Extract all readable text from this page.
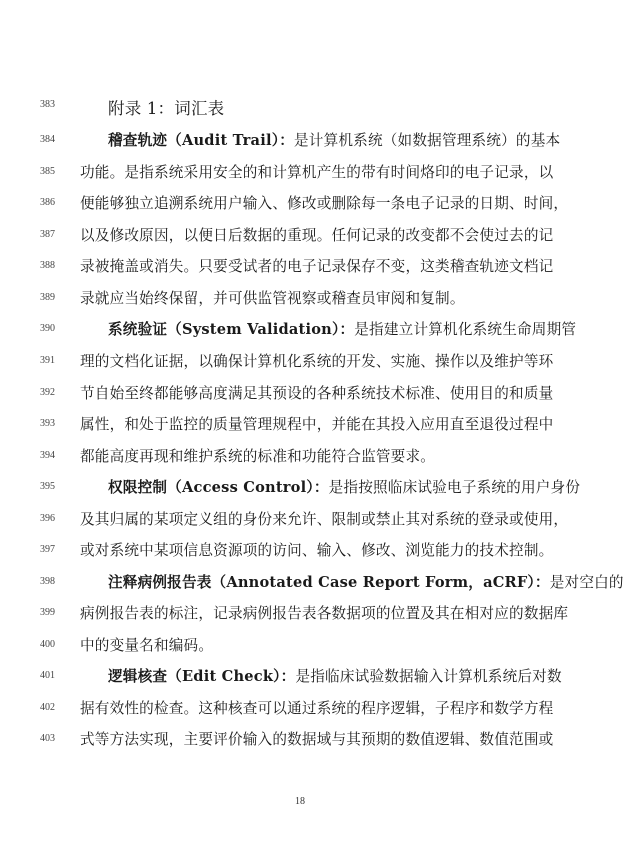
383	附录 1：词汇表
384	稽查轨迹（Audit Trail）：是计算机系统（如数据管理系统）的基本
385	功能。是指系统采用安全的和计算机产生的带有时间烙印的电子记录，以
386	便能够独立追溯系统用户输入、修改或删除每一条电子记录的日期、时间，
387	以及修改原因，以便日后数据的重现。任何记录的改变都不会使过去的记
388	录被掩盖或消失。只要受试者的电子记录保存不变，这类稽查轨迹文档记
389	录就应当始终保留，并可供监管视察或稽查员审阅和复制。
390	系统验证（System Validation）：是指建立计算机化系统生命周期管
391	理的文档化证据，以确保计算机化系统的开发、实施、操作以及维护等环
392	节自始至终都能够高度满足其预设的各种系统技术标准、使用目的和质量
393	属性，和处于监控的质量管理规程中，并能在其投入应用直至退役过程中
394	都能高度再现和维护系统的标准和功能符合监管要求。
395	权限控制（Access Control）：是指按照临床试验电子系统的用户身份
396	及其归属的某项定义组的身份来允许、限制或禁止其对系统的登录或使用，
397	或对系统中某项信息资源项的访问、输入、修改、浏览能力的技术控制。
398	注释病例报告表（Annotated Case Report Form，aCRF）：是对空白的
399	病例报告表的标注，记录病例报告表各数据项的位置及其在相对应的数据库
400	中的变量名和编码。
401	逻辑核查（Edit Check）：是指临床试验数据输入计算机系统后对数
402	据有效性的检查。这种核查可以通过系统的程序逻辑，子程序和数学方程
403	式等方法实现，主要评价输入的数据域与其预期的数值逻辑、数值范围或
18
